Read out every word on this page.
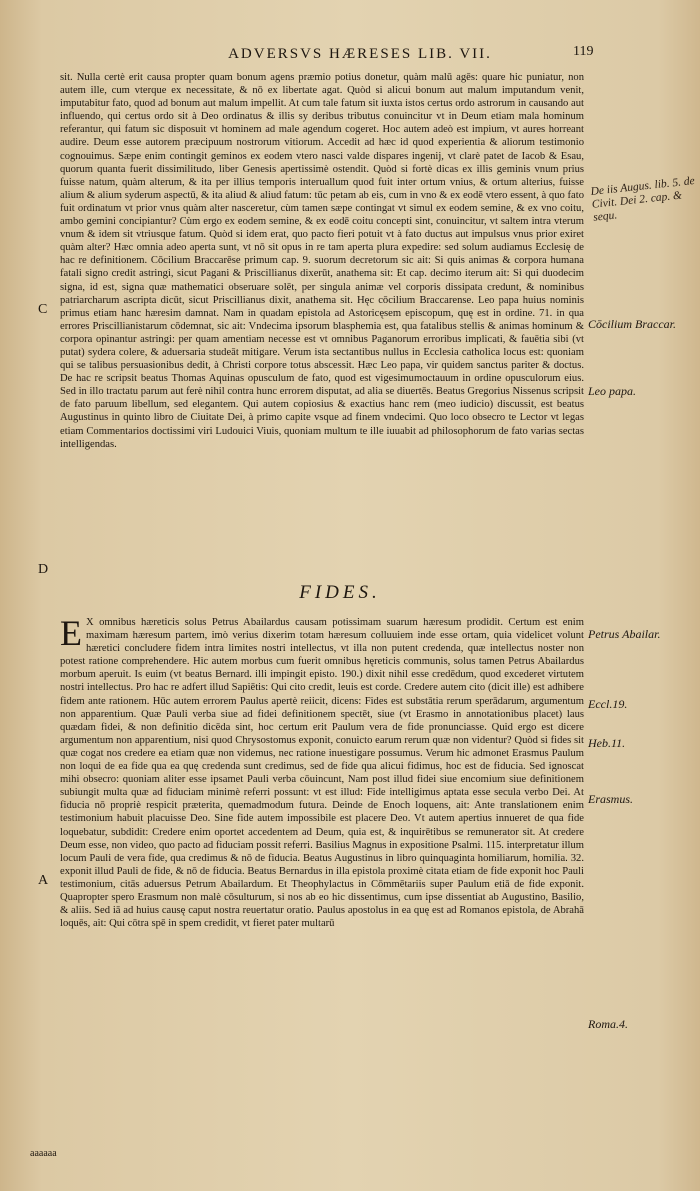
ADVERSVS HÆRESES LIB. VII.	119

sit. Nulla certè erit causa propter quam bonum agens præmio potius donetur, quàm malū agēs: quare hic puniatur, non autem ille, cum vterque ex necessitate, & nō ex libertate agat. Quòd si alicui bonum aut malum imputandum venit, imputabitur fato, quod ad bonum aut malum impellit. At cum tale fatum sit iuxta istos certus ordo astrorum in causando aut influendo, qui certus ordo sit à Deo ordinatus & illis sy deribus tributus conuincitur vt in Deum etiam mala hominum referantur, qui fatum sic disposuit vt hominem ad male agendum cogeret. Hoc autem adeò est impium, vt aures horreant audire. Deum esse autorem præcipuum nostrorum vitiorum. Accedit ad hæc id quod experientia & aliorum testimonio cognouimus. Sæpe enim contingit geminos ex eodem vtero nasci valde dispares ingenij, vt clarè patet de Iacob & Esau, quorum quanta fuerit dissimilitudo, liber Genesis apertissimè ostendit. Quòd si fortè dicas ex illis geminis vnum prius fuisse natum, quàm alterum, & ita per illius temporis interuallum quod fuit inter ortum vnius, & ortum alterius, fuisse alium & alium syderum aspectū, & ita aliud & aliud fatum: tūc petam ab eis, cum in vno & ex eodē vtero essent, à quo fato fuit ordinatum vt prior vnus quàm alter nasceretur, cùm tamen sæpe contingat vt simul ex eodem semine, & ex vno coitu, ambo gemini concipiantur? Cùm ergo ex eodem semine, & ex eodē coitu concepti sint, conuincitur, vt saltem intra vterum vnum & idem sit vtriusque fatum. Quòd si idem erat, quo pacto fieri potuit vt à fato ductus aut impulsus vnus prior exiret quàm alter? Hæc omnia adeo aperta sunt, vt nō sit opus in re tam aperta plura expedire: sed solum audiamus Ecclesię de hac re definitionem. Cōcilium Braccarēse primum cap. 9. suorum decretorum sic ait: Si quis animas & corpora humana fatali signo credit astringi, sicut Pagani & Priscillianus dixerūt, anathema sit: Et cap. decimo iterum ait: Si qui duodecim signa, id est, signa quæ mathematici obseruare solēt, per singula animæ vel corporis dissipata credunt, & nominibus patriarcharum ascripta dicūt, sicut Priscillianus dixit, anathema sit. Hęc cōcilium Braccarense. Leo papa huius nominis primus etiam hanc hæresim damnat. Nam in quadam epistola ad Astoricęsem episcopum, quę est in ordine. 71. in qua errores Priscillianistarum cōdemnat, sic ait: Vndecima ipsorum blasphemia est, qua fatalibus stellis & animas hominum & corpora opinantur astringi: per quam amentiam necesse est vt omnibus Paganorum erroribus implicati, & fauētia sibi (vt putat) sydera colere, & aduersaria studeāt mitigare. Verum ista sectantibus nullus in Ecclesia catholica locus est: quoniam qui se talibus persuasionibus dedit, à Christi corpore totus abscessit. Hæc Leo papa, vir quidem sanctus pariter & doctus. De hac re scripsit beatus Thomas Aquinas opusculum de fato, quod est vigesimumoctauum in ordine opusculorum eius. Sed in illo tractatu parum aut ferè nihil contra hunc errorem disputat, ad alia se diuertēs. Beatus Gregorius Nissenus scripsit de fato paruum libellum, sed elegantem. Qui autem copiosius & exactius hanc rem (meo iudicio) discussit, est beatus Augustinus in quinto libro de Ciuitate Dei, à primo capite vsque ad finem vndecimi. Quo loco obsecro te Lector vt legas etiam Commentarios doctissimi viri Ludouici Viuis, quoniam multum te ille iuuabit ad philosophorum de fato varias sectas intelligendas.

De iis Augus. lib. 5. de Civit. Dei 2. cap. & sequ.
Cōcilium Braccar.
Leo papa.
C
D
FIDES.
E X omnibus hæreticis solus Petrus Abailardus causam potissimam suarum hæresum prodidit. Certum est enim maximam hæresum partem, imò verius dixerim totam hæresum colluuiem inde esse ortam, quia videlicet volunt hæretici concludere fidem intra limites nostri intellectus, vt illa non putent credenda, quæ intellectus noster non potest ratione comprehendere. Hic autem morbus cum fuerit omnibus hęreticis communis, solus tamen Petrus Abailardus morbum aperuit. Is euim (vt beatus Bernard. illi impingit episto. 190.) dixit nihil esse credēdum, quod excederet virtutem nostri intellectus. Pro hac re adfert illud Sapiētis: Qui cito credit, leuis est corde. Credere autem cito (dicit ille) est adhibere fidem ante rationem. Hūc autem errorem Paulus apertè reiicit, dicens: Fides est substātia rerum sperādarum, argumentum non apparentium. Quæ Pauli verba siue ad fidei definitionem spectēt, siue (vt Erasmo in annotationibus placet) laus quædam fidei, & non definitio dicēda sint, hoc certum erit Paulum vera de fide pronunciasse. Quid ergo est dicere argumentum non apparentium, nisi quod Chrysostomus exponit, conuicto earum rerum quæ non videntur? Quòd si fides sit quæ cogat nos credere ea etiam quæ non videmus, nec ratione inuestigare possumus. Verum hic admonet Erasmus Paulum non loqui de ea fide qua ea quę credenda sunt credimus, sed de fide qua alicui fidimus, hoc est de fiducia. Sed ignoscat mihi obsecro: quoniam aliter esse ipsamet Pauli verba cōuincunt, Nam post illud fidei siue encomium siue definitionem subiungit multa quæ ad fiduciam minimè referri possunt: vt est illud: Fide intelligimus aptata esse secula verbo Dei. At fiducia nō propriè respicit præterita, quemadmodum futura. Deinde de Enoch loquens, ait: Ante translationem enim testimonium habuit placuisse Deo. Sine fide autem impossibile est placere Deo. Vt autem apertius innueret de qua fide loquebatur, subdidit: Credere enim oportet accedentem ad Deum, quia est, & inquirētibus se remunerator sit. At credere Deum esse, non video, quo pacto ad fiduciam possit referri. Basilius Magnus in expositione Psalmi. 115. interpretatur illum locum Pauli de vera fide, qua credimus & nō de fiducia. Beatus Augustinus in libro quinquaginta homiliarum, homilia. 32. exponit illud Pauli de fide, & nō de fiducia. Beatus Bernardus in illa epistola proximè citata etiam de fide exponit hoc Pauli testimonium, citās aduersus Petrum Abailardum. Et Theophylactus in Cōmmētariis super Paulum etiā de fide exponit. Quapropter spero Erasmum non malè cōsulturum, si nos ab eo hic dissentimus, cum ipse dissentiat ab Augustino, Basilio, & aliis. Sed iā ad huius causę caput nostra reuertatur oratio. Paulus apostolus in ea quę est ad Romanos epistola, de Abrahā loquēs, ait: Qui cōtra spē in spem credidit, vt fieret pater multarū

Petrus Abailar.
Eccl.19.
Heb.11.
Erasmus.
Roma.4.
A
aaaaaa
